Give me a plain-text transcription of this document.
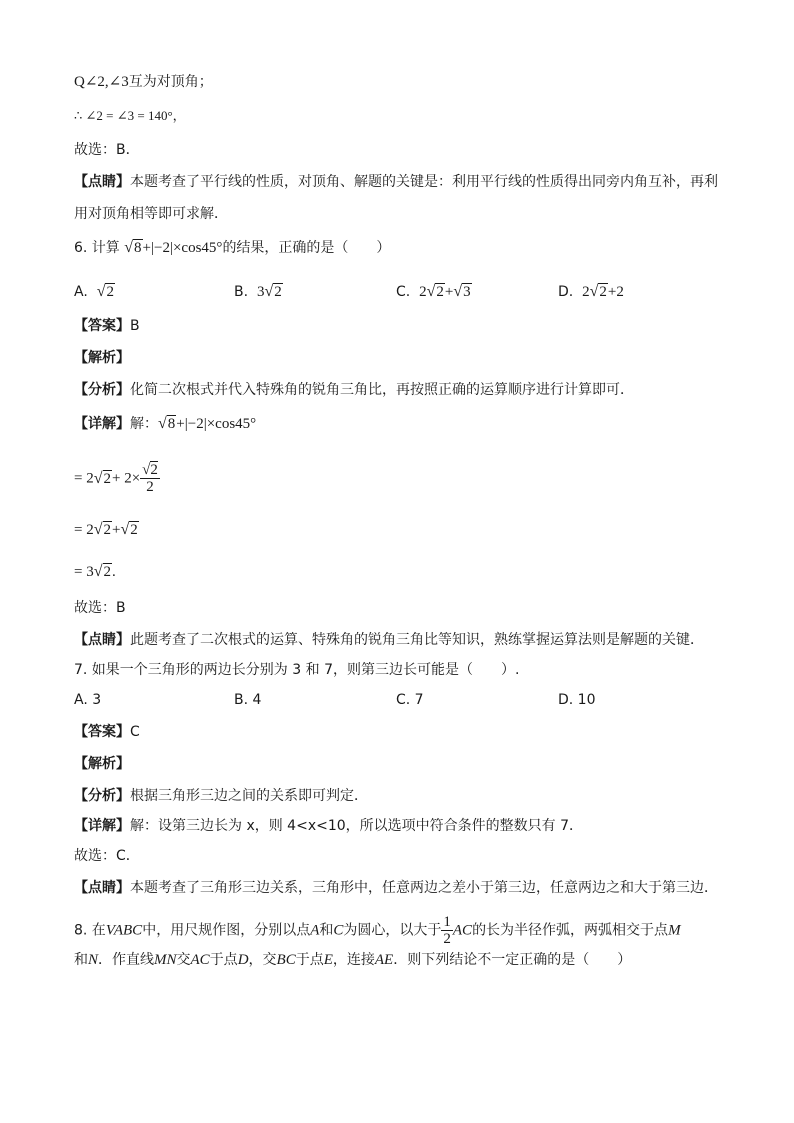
Q∠2,∠3互为对顶角；
∴ ∠2 = ∠3 = 140°，
故选：B．
【点睛】本题考查了平行线的性质，对顶角、解题的关键是：利用平行线的性质得出同旁内角互补，再利
用对顶角相等即可求解．
6. 计算 √8+|−2|×cos45°的结果，正确的是（　　）
A. √2	B. 3√2	C. 2√2+√3	D. 2√2+2
【答案】B
【解析】
【分析】化简二次根式并代入特殊角的锐角三角比，再按照正确的运算顺序进行计算即可．
【详解】解：√8+|−2|×cos45°
= $2√2+ 2\times \frac{√2}{2}$
= 2√2+√2
= 3√2.
故选：B
【点睛】此题考查了二次根式的运算、特殊角的锐角三角比等知识，熟练掌握运算法则是解题的关键．
7. 如果一个三角形的两边长分别为 3 和 7，则第三边长可能是（　　）.
A. 3	B. 4	C. 7	D. 10
【答案】C
【解析】
【分析】根据三角形三边之间的关系即可判定．
【详解】解：设第三边长为 x，则 4<x<10，所以选项中符合条件的整数只有 7．
故选：C．
【点睛】本题考查了三角形三边关系，三角形中，任意两边之差小于第三边，任意两边之和大于第三边．
8. 在VABC中，用尺规作图，分别以点A和C为圆心，以大于 $\frac{1}{2}$ AC的长为半径作弧，两弧相交于点M
和N．作直线MN交AC于点D，交BC于点E，连接AE．则下列结论不一定正确的是（　　）
